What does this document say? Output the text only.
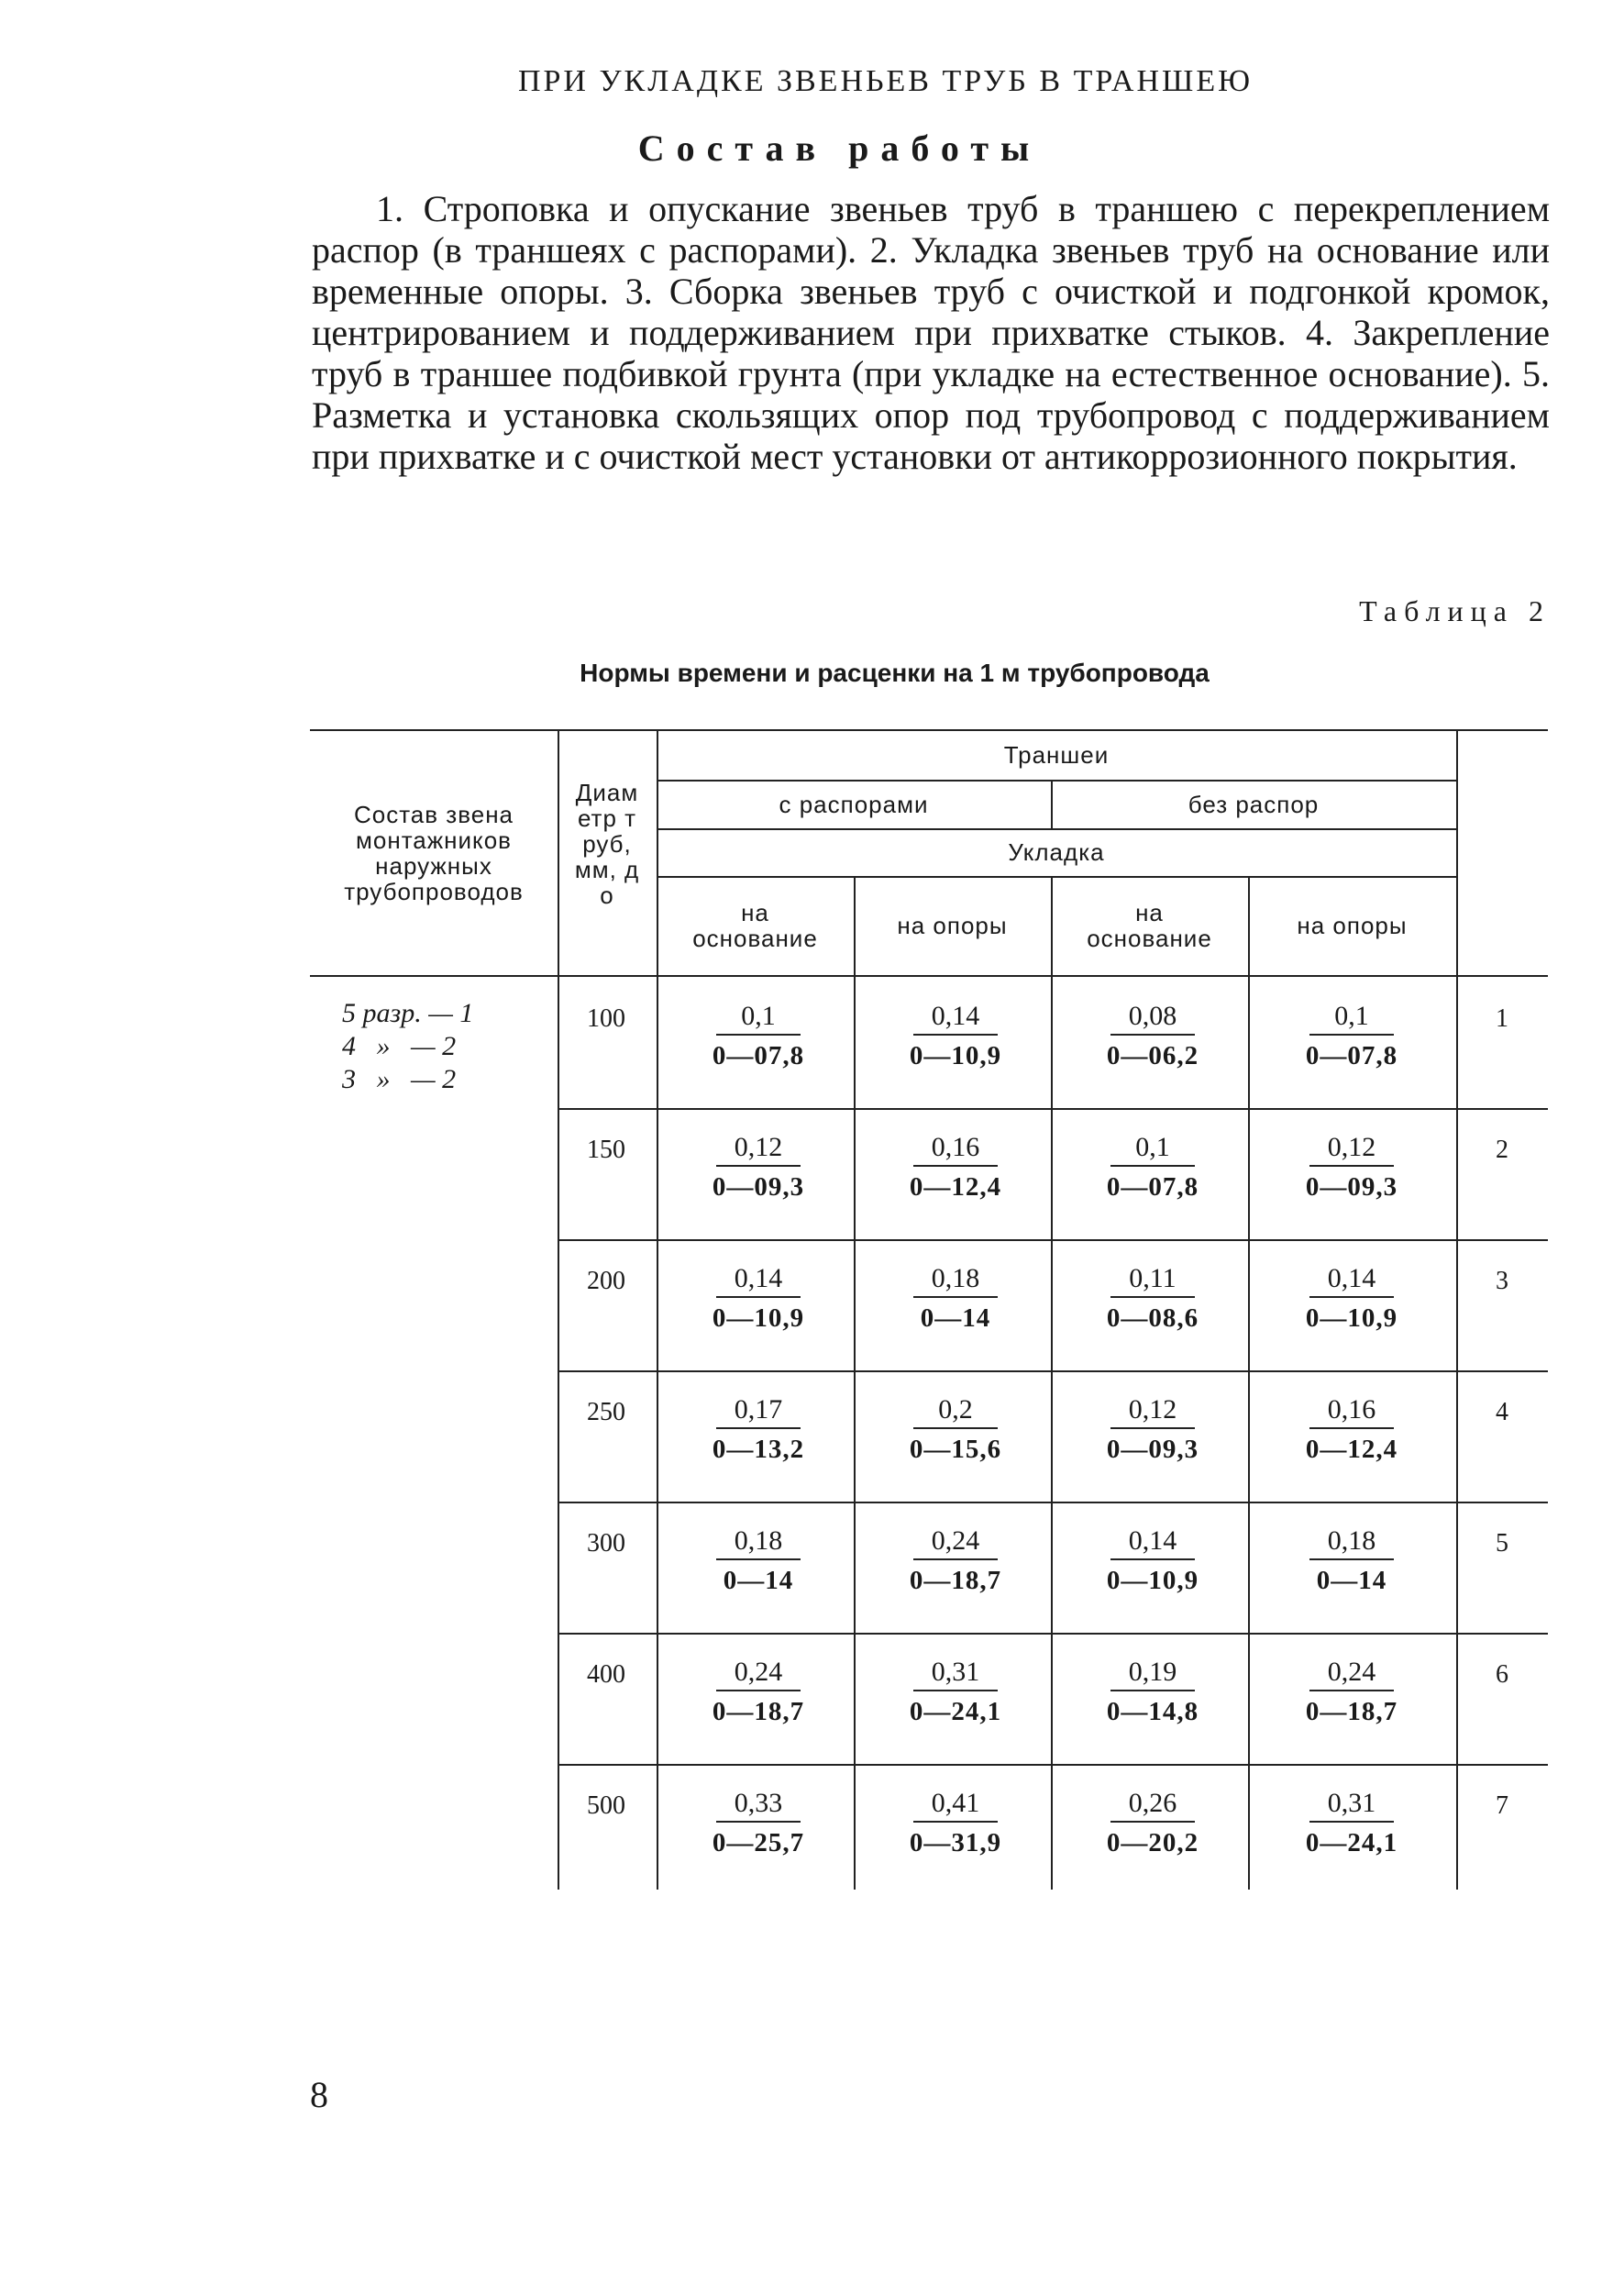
ПРИ УКЛАДКЕ ЗВЕНЬЕВ ТРУБ В ТРАНШЕЮ
Состав работы
1. Строповка и опускание звеньев труб в траншею с перекреплением распор (в траншеях с распорами). 2. Укладка звеньев труб на основание или временные опоры. 3. Сборка звеньев труб с очисткой и подгонкой кромок, центрированием и поддерживанием при прихватке стыков. 4. Закрепление труб в траншее подбивкой грунта (при укладке на естественное основание). 5. Разметка и установка скользящих опор под трубопровод с поддерживанием при прихватке и с очисткой мест установки от антикоррозионного покрытия.
Таблица 2
Нормы времени и расценки на 1 м трубопровода
Состав звена монтажников наружных трубопроводов
Диаметр труб, мм, до
Траншеи
с распорами	без распор
Укладка
на основание	на опоры	на основание	на опоры
5 разр. — 1
4   »   — 2
3   »   — 2
100	$\frac{0,1}{0—07,8} \frac{0,14}{0—10,9} \frac{0,08}{0—06,2} \frac{0,1}{0—07,8}$	1
150	$\frac{0,12}{0—09,3} \frac{0,16}{0—12,4} \frac{0,1}{0—07,8} \frac{0,12}{0—09,3}$	2
200	$\frac{0,14}{0—10,9} \frac{0,18}{0—14} \frac{0,11}{0—08,6} \frac{0,14}{0—10,9}$	3
250	$\frac{0,17}{0—13,2} \frac{0,2}{0—15,6} \frac{0,12}{0—09,3} \frac{0,16}{0—12,4}$	4
300	$\frac{0,18}{0—14} \frac{0,24}{0—18,7} \frac{0,14}{0—10,9} \frac{0,18}{0—14}$	5
400	$\frac{0,24}{0—18,7} \frac{0,31}{0—24,1} \frac{0,19}{0—14,8} \frac{0,24}{0—18,7}$	6
500	$\frac{0,33}{0—25,7} \frac{0,41}{0—31,9} \frac{0,26}{0—20,2} \frac{0,31}{0—24,1}$	7
8
